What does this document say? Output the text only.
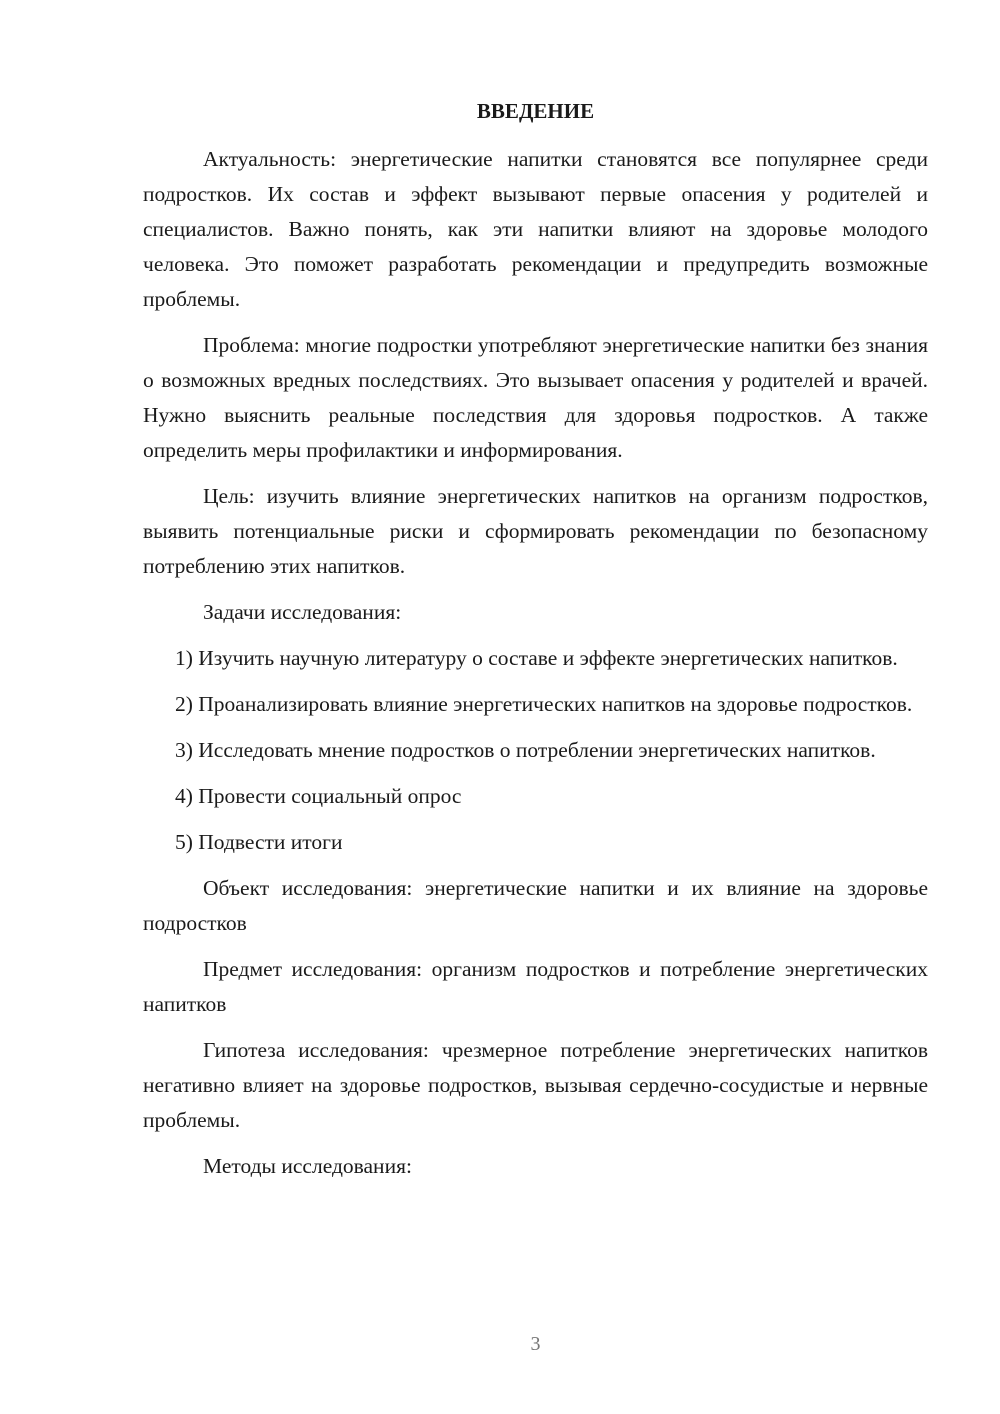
ВВЕДЕНИЕ

Актуальность: энергетические напитки становятся все популярнее среди подростков. Их состав и эффект вызывают первые опасения у родителей и специалистов. Важно понять, как эти напитки влияют на здоровье молодого человека. Это поможет разработать рекомендации и предупредить возможные проблемы.

Проблема: многие подростки употребляют энергетические напитки без знания о возможных вредных последствиях. Это вызывает опасения у родителей и врачей. Нужно выяснить реальные последствия для здоровья подростков. А также определить меры профилактики и информирования.

Цель: изучить влияние энергетических напитков на организм подростков, выявить потенциальные риски и сформировать рекомендации по безопасному потреблению этих напитков.

Задачи исследования:

1) Изучить научную литературу о составе и эффекте энергетических напитков.

2) Проанализировать влияние энергетических напитков на здоровье подростков.

3) Исследовать мнение подростков о потреблении энергетических напитков.

4) Провести социальный опрос

5) Подвести итоги

Объект исследования: энергетические напитки и их влияние на здоровье подростков

Предмет исследования: организм подростков и потребление энергетических напитков

Гипотеза исследования: чрезмерное потребление энергетических напитков негативно влияет на здоровье подростков, вызывая сердечно-сосудистые и нервные проблемы.

Методы исследования:

3
